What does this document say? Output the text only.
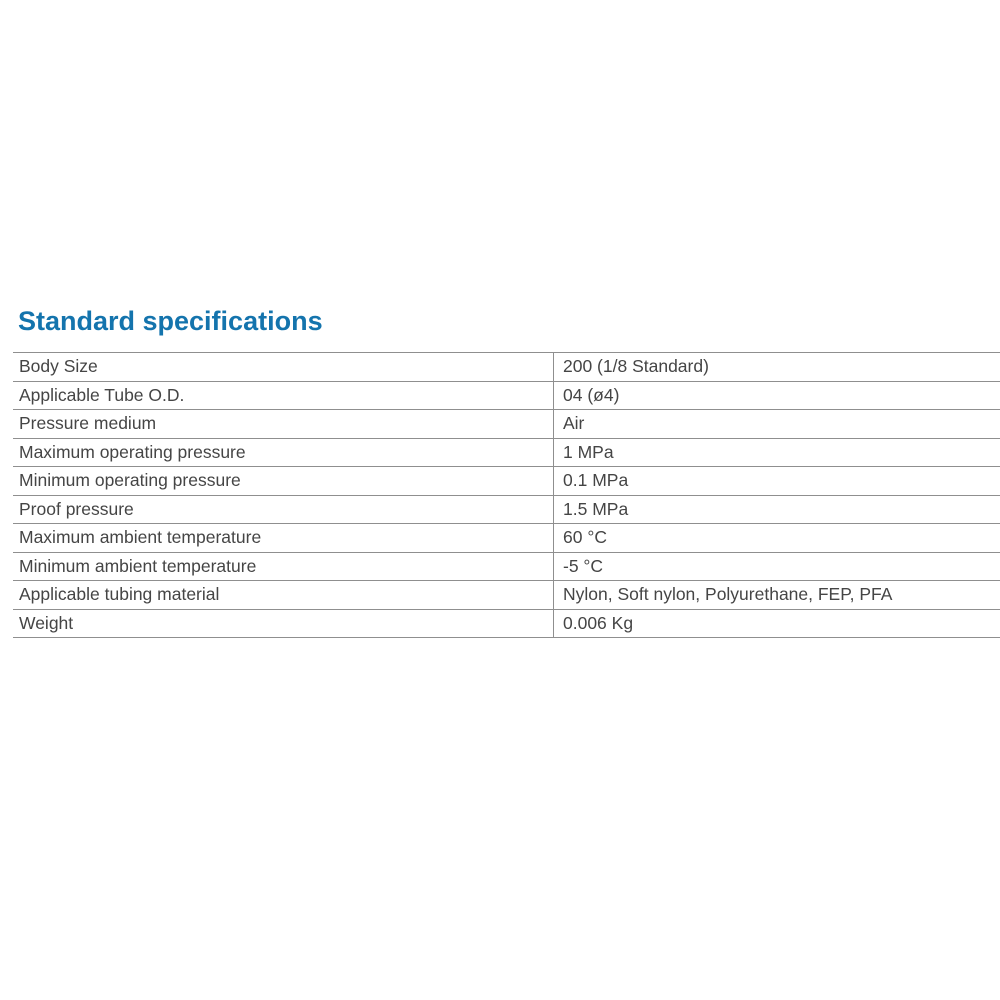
Standard specifications
Body Size	200 (1/8 Standard)
Applicable Tube O.D.	04 (ø4)
Pressure medium	Air
Maximum operating pressure	1 MPa
Minimum operating pressure	0.1 MPa
Proof pressure	1.5 MPa
Maximum ambient temperature	60 °C
Minimum ambient temperature	-5 °C
Applicable tubing material	Nylon, Soft nylon, Polyurethane, FEP, PFA
Weight	0.006 Kg
